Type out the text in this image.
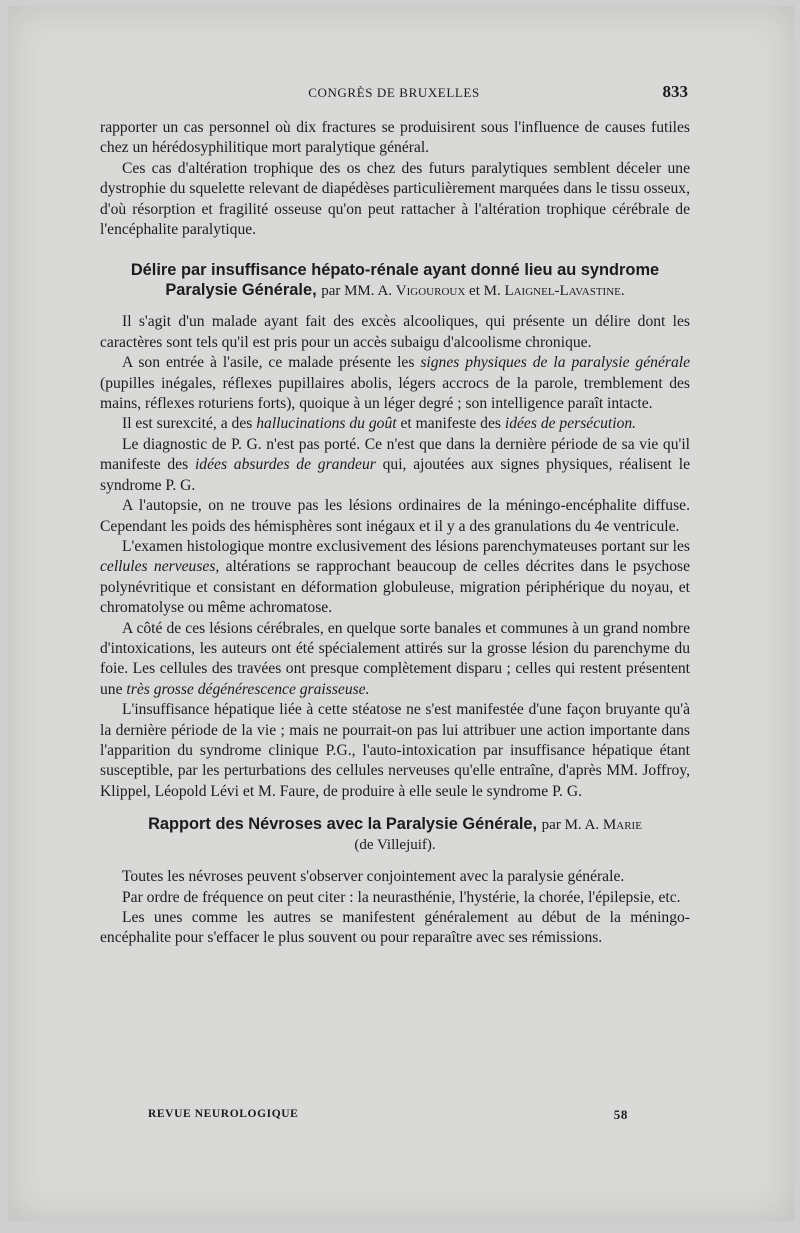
CONGRÈS DE BRUXELLES	833

rapporter un cas personnel où dix fractures se produisirent sous l'influence de causes futiles chez un hérédosyphilitique mort paralytique général.

Ces cas d'altération trophique des os chez des futurs paralytiques semblent déceler une dystrophie du squelette relevant de diapédèses particulièrement marquées dans le tissu osseux, d'où résorption et fragilité osseuse qu'on peut rattacher à l'altération trophique cérébrale de l'encéphalite paralytique.

Délire par insuffisance hépato-rénale ayant donné lieu au syndrome
Paralysie Générale, par MM. A. Vigouroux et M. Laignel-Lavastine.

Il s'agit d'un malade ayant fait des excès alcooliques, qui présente un délire dont les caractères sont tels qu'il est pris pour un accès subaigu d'alcoolisme chronique.

A son entrée à l'asile, ce malade présente les signes physiques de la paralysie générale (pupilles inégales, réflexes pupillaires abolis, légers accrocs de la parole, tremblement des mains, réflexes roturiens forts), quoique à un léger degré ; son intelligence paraît intacte.

Il est surexcité, a des hallucinations du goût et manifeste des idées de persécution.

Le diagnostic de P. G. n'est pas porté. Ce n'est que dans la dernière période de sa vie qu'il manifeste des idées absurdes de grandeur qui, ajoutées aux signes physiques, réalisent le syndrome P. G.

A l'autopsie, on ne trouve pas les lésions ordinaires de la méningo-encéphalite diffuse. Cependant les poids des hémisphères sont inégaux et il y a des granulations du 4e ventricule.

L'examen histologique montre exclusivement des lésions parenchymateuses portant sur les cellules nerveuses, altérations se rapprochant beaucoup de celles décrites dans le psychose polynévritique et consistant en déformation globuleuse, migration périphérique du noyau, et chromatolyse ou même achromatose.

A côté de ces lésions cérébrales, en quelque sorte banales et communes à un grand nombre d'intoxications, les auteurs ont été spécialement attirés sur la grosse lésion du parenchyme du foie. Les cellules des travées ont presque complètement disparu ; celles qui restent présentent une très grosse dégénérescence graisseuse.

L'insuffisance hépatique liée à cette stéatose ne s'est manifestée d'une façon bruyante qu'à la dernière période de la vie ; mais ne pourrait-on pas lui attribuer une action importante dans l'apparition du syndrome clinique P.G., l'auto-intoxication par insuffisance hépatique étant susceptible, par les perturbations des cellules nerveuses qu'elle entraîne, d'après MM. Joffroy, Klippel, Léopold Lévi et M. Faure, de produire à elle seule le syndrome P. G.

Rapport des Névroses avec la Paralysie Générale, par M. A. Marie
(de Villejuif).

Toutes les névroses peuvent s'observer conjointement avec la paralysie générale.

Par ordre de fréquence on peut citer : la neurasthénie, l'hystérie, la chorée, l'épilepsie, etc.

Les unes comme les autres se manifestent généralement au début de la méningo-encéphalite pour s'effacer le plus souvent ou pour reparaître avec ses rémissions.

REVUE NEUROLOGIQUE	58
